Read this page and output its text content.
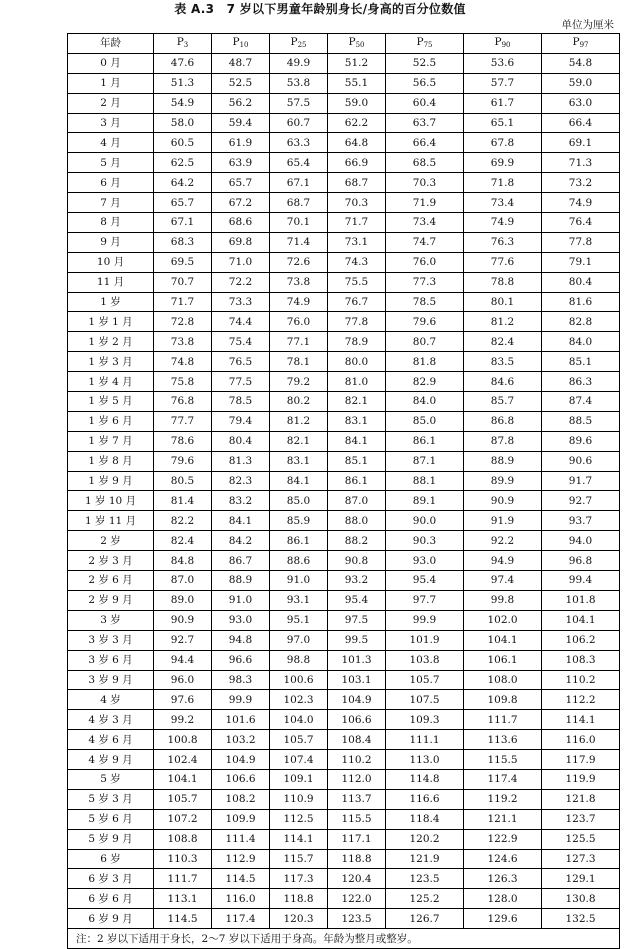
表 A.3　7 岁以下男童年龄别身长/身高的百分位数值
单位为厘米
年龄	$P_3$	$P_{10}$	$P_{25}$	$P_{50}$	$P_{75}$	$P_{90}$	$P_{97}$
0 月	47.6	48.7	49.9	51.2	52.5	53.6	54.8
1 月	51.3	52.5	53.8	55.1	56.5	57.7	59.0
2 月	54.9	56.2	57.5	59.0	60.4	61.7	63.0
3 月	58.0	59.4	60.7	62.2	63.7	65.1	66.4
4 月	60.5	61.9	63.3	64.8	66.4	67.8	69.1
5 月	62.5	63.9	65.4	66.9	68.5	69.9	71.3
6 月	64.2	65.7	67.1	68.7	70.3	71.8	73.2
7 月	65.7	67.2	68.7	70.3	71.9	73.4	74.9
8 月	67.1	68.6	70.1	71.7	73.4	74.9	76.4
9 月	68.3	69.8	71.4	73.1	74.7	76.3	77.8
10 月	69.5	71.0	72.6	74.3	76.0	77.6	79.1
11 月	70.7	72.2	73.8	75.5	77.3	78.8	80.4
1 岁	71.7	73.3	74.9	76.7	78.5	80.1	81.6
1 岁 1 月	72.8	74.4	76.0	77.8	79.6	81.2	82.8
1 岁 2 月	73.8	75.4	77.1	78.9	80.7	82.4	84.0
1 岁 3 月	74.8	76.5	78.1	80.0	81.8	83.5	85.1
1 岁 4 月	75.8	77.5	79.2	81.0	82.9	84.6	86.3
1 岁 5 月	76.8	78.5	80.2	82.1	84.0	85.7	87.4
1 岁 6 月	77.7	79.4	81.2	83.1	85.0	86.8	88.5
1 岁 7 月	78.6	80.4	82.1	84.1	86.1	87.8	89.6
1 岁 8 月	79.6	81.3	83.1	85.1	87.1	88.9	90.6
1 岁 9 月	80.5	82.3	84.1	86.1	88.1	89.9	91.7
1 岁 10 月	81.4	83.2	85.0	87.0	89.1	90.9	92.7
1 岁 11 月	82.2	84.1	85.9	88.0	90.0	91.9	93.7
2 岁	82.4	84.2	86.1	88.2	90.3	92.2	94.0
2 岁 3 月	84.8	86.7	88.6	90.8	93.0	94.9	96.8
2 岁 6 月	87.0	88.9	91.0	93.2	95.4	97.4	99.4
2 岁 9 月	89.0	91.0	93.1	95.4	97.7	99.8	101.8
3 岁	90.9	93.0	95.1	97.5	99.9	102.0	104.1
3 岁 3 月	92.7	94.8	97.0	99.5	101.9	104.1	106.2
3 岁 6 月	94.4	96.6	98.8	101.3	103.8	106.1	108.3
3 岁 9 月	96.0	98.3	100.6	103.1	105.7	108.0	110.2
4 岁	97.6	99.9	102.3	104.9	107.5	109.8	112.2
4 岁 3 月	99.2	101.6	104.0	106.6	109.3	111.7	114.1
4 岁 6 月	100.8	103.2	105.7	108.4	111.1	113.6	116.0
4 岁 9 月	102.4	104.9	107.4	110.2	113.0	115.5	117.9
5 岁	104.1	106.6	109.1	112.0	114.8	117.4	119.9
5 岁 3 月	105.7	108.2	110.9	113.7	116.6	119.2	121.8
5 岁 6 月	107.2	109.9	112.5	115.5	118.4	121.1	123.7
5 岁 9 月	108.8	111.4	114.1	117.1	120.2	122.9	125.5
6 岁	110.3	112.9	115.7	118.8	121.9	124.6	127.3
6 岁 3 月	111.7	114.5	117.3	120.4	123.5	126.3	129.1
6 岁 6 月	113.1	116.0	118.8	122.0	125.2	128.0	130.8
6 岁 9 月	114.5	117.4	120.3	123.5	126.7	129.6	132.5
注：2 岁以下适用于身长，2～7 岁以下适用于身高。年龄为整月或整岁。							
